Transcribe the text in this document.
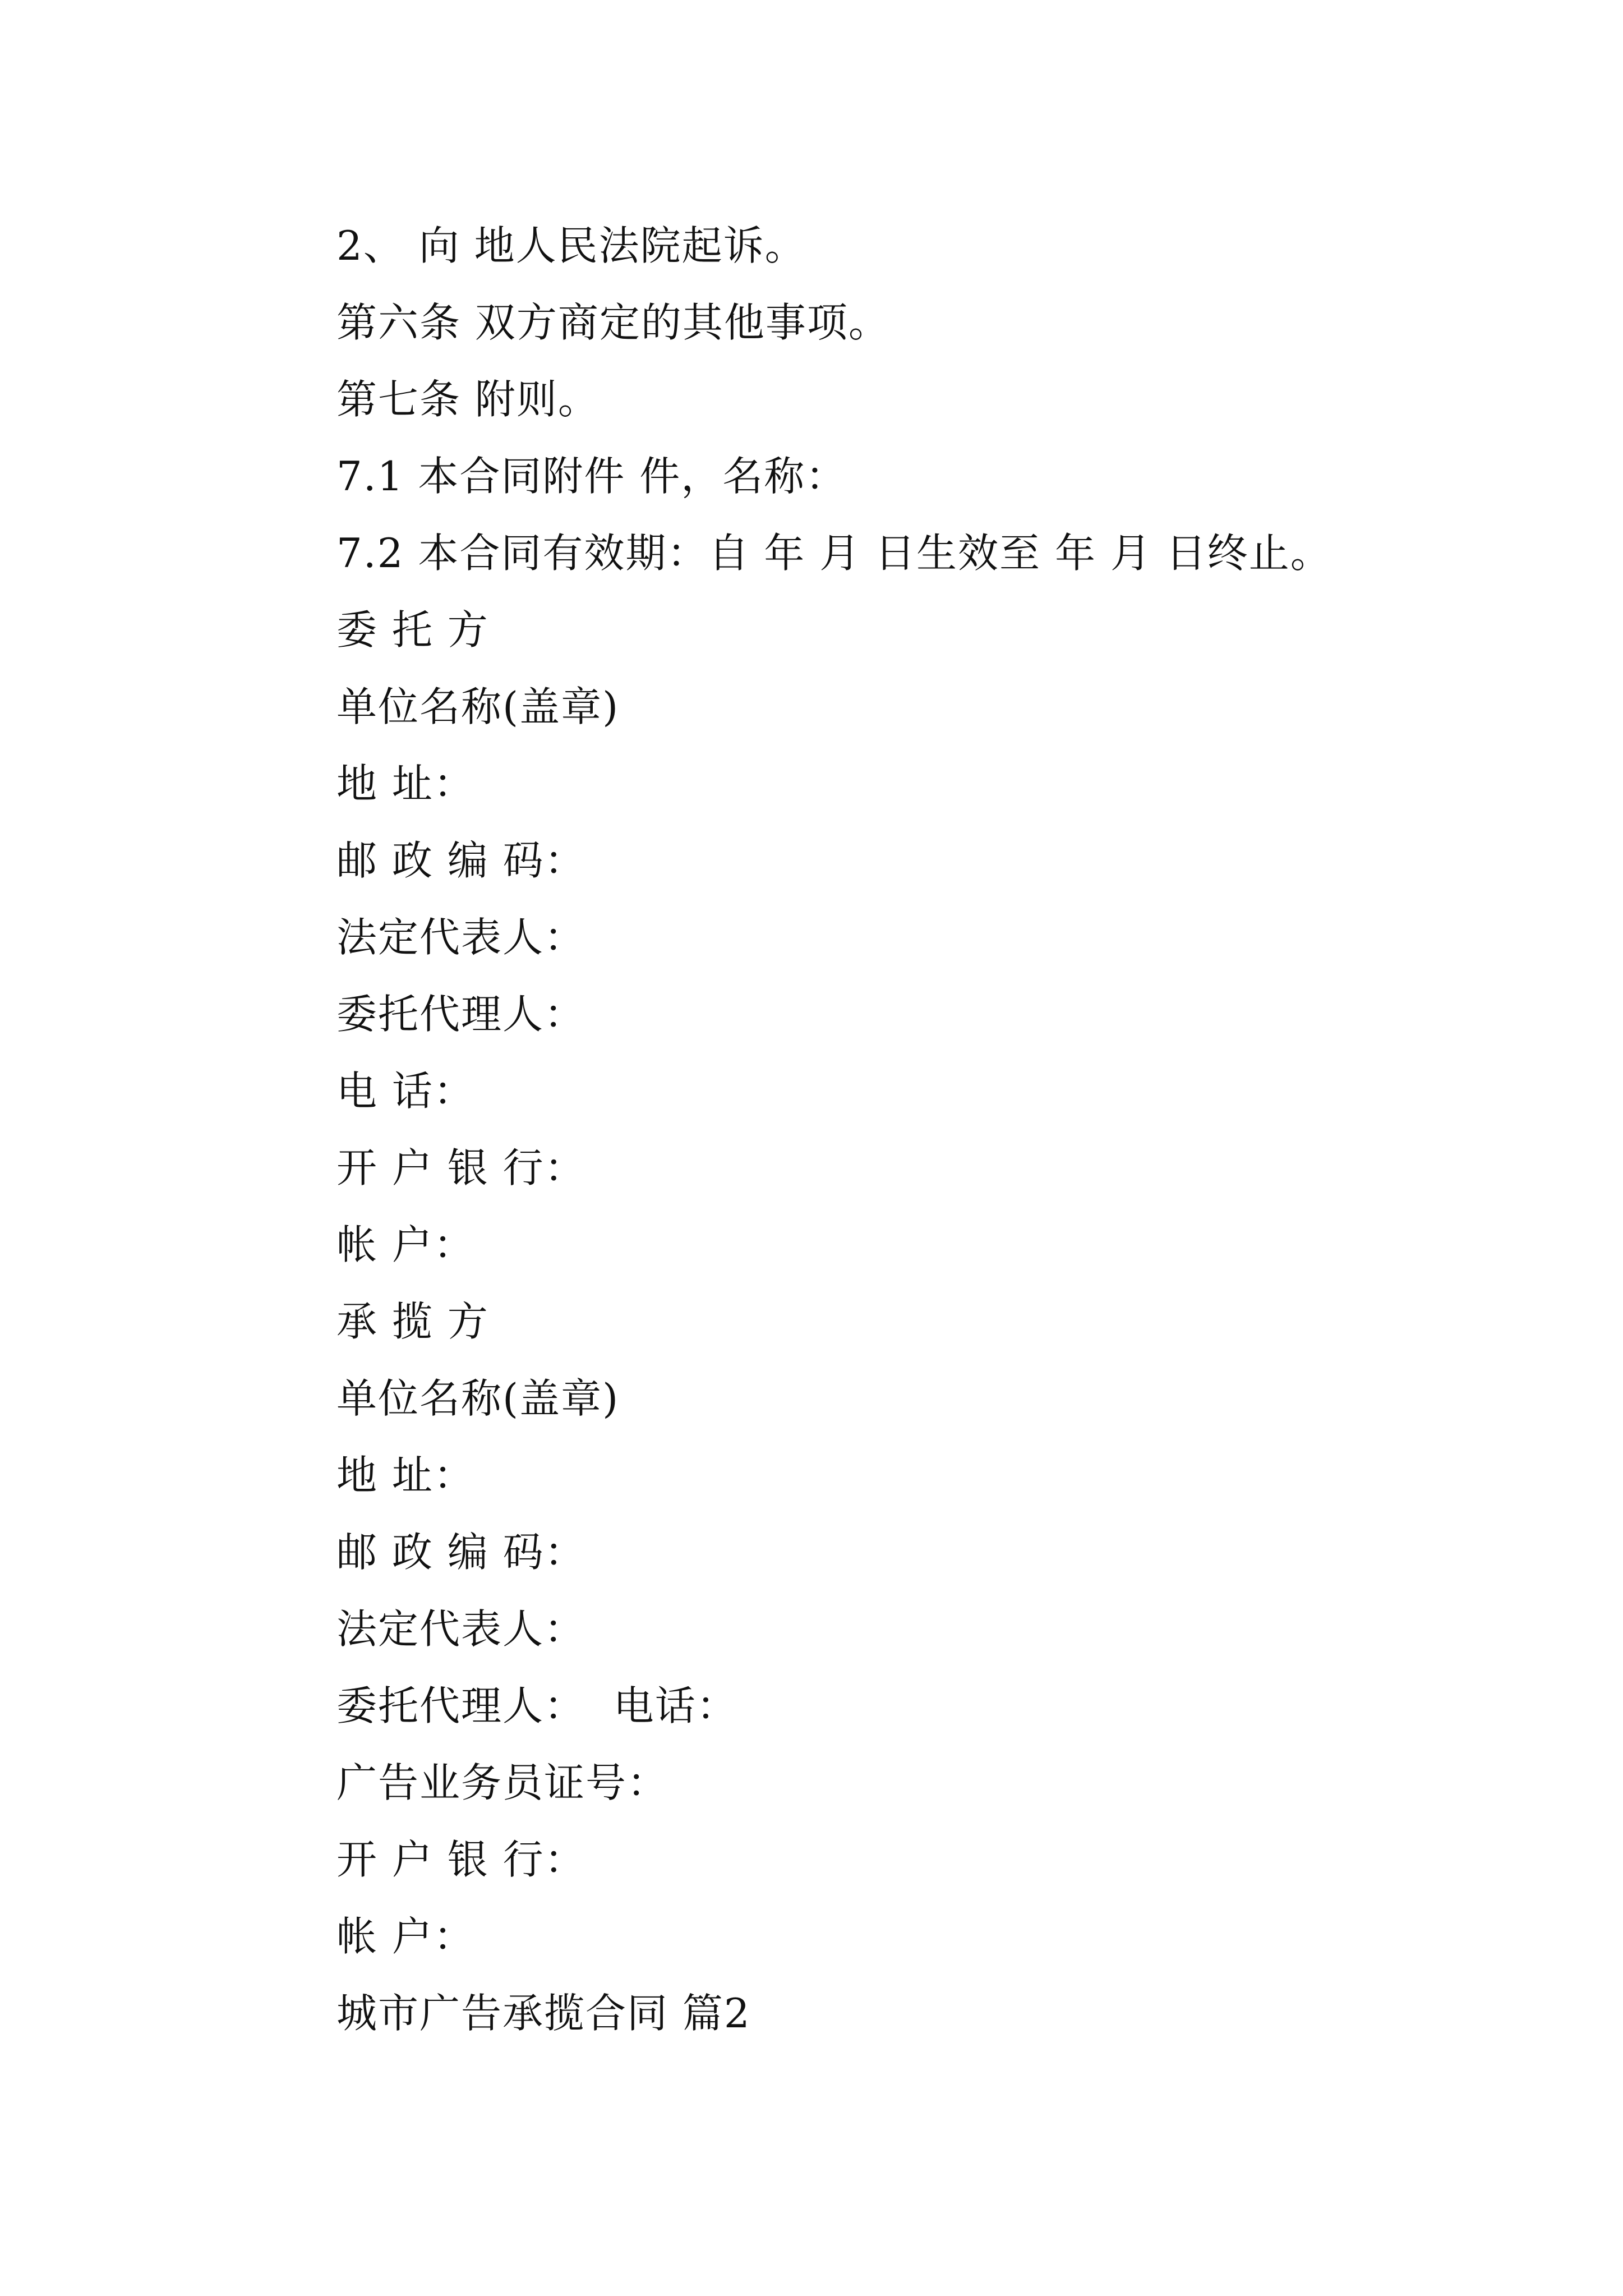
2、 向 地人民法院起诉。
第六条 双方商定的其他事项。
第七条 附则。
7.1 本合同附件 件，名称：
7.2 本合同有效期：自 年 月 日生效至 年 月 日终止。
委 托 方
单位名称(盖章)
地 址：
邮 政 编 码：
法定代表人：
委托代理人：
电 话：
开 户 银 行：
帐 户：
承 揽 方
单位名称(盖章)
地 址：
邮 政 编 码：
法定代表人：
委托代理人：  电话：
广告业务员证号：
开 户 银 行：
帐 户：
城市广告承揽合同 篇2
